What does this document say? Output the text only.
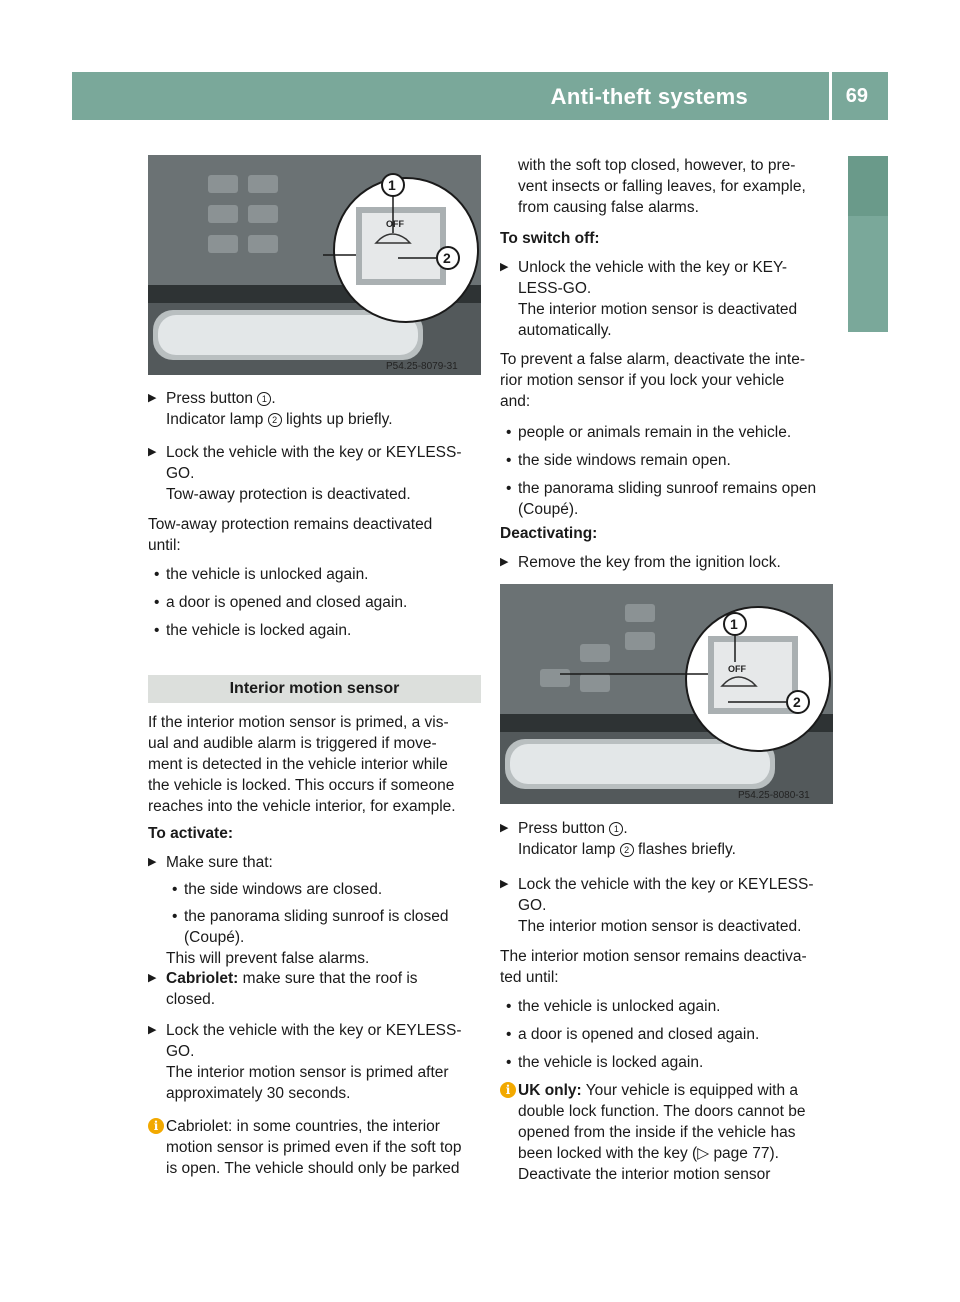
Anti-theft systems	69
Safety
OFF
1
2
P54.25-8079-31
▶ Press button 1 .
Indicator lamp 2 lights up briefly.
▶ Lock the vehicle with the key or KEYLESS-
GO.
Tow-away protection is deactivated.
Tow-away protection remains deactivated
until:
• the vehicle is unlocked again.
• a door is opened and closed again.
• the vehicle is locked again.
Interior motion sensor
If the interior motion sensor is primed, a vis-
ual and audible alarm is triggered if move-
ment is detected in the vehicle interior while
the vehicle is locked. This occurs if someone
reaches into the vehicle interior, for example.
To activate:
▶ Make sure that:
• the side windows are closed.
• the panorama sliding sunroof is closed
(Coupé).
This will prevent false alarms.
▶ Cabriolet: make sure that the roof is
closed.
▶ Lock the vehicle with the key or KEYLESS-
GO.
The interior motion sensor is primed after
approximately 30 seconds.
i Cabriolet: in some countries, the interior
motion sensor is primed even if the soft top
is open. The vehicle should only be parked
with the soft top closed, however, to pre-
vent insects or falling leaves, for example,
from causing false alarms.
To switch off:
▶ Unlock the vehicle with the key or KEY-
LESS-GO.
The interior motion sensor is deactivated
automatically.
To prevent a false alarm, deactivate the inte-
rior motion sensor if you lock your vehicle
and:
• people or animals remain in the vehicle.
• the side windows remain open.
• the panorama sliding sunroof remains open
(Coupé).
Deactivating:
▶ Remove the key from the ignition lock.
OFF
1
2
P54.25-8080-31
▶ Press button 1 .
Indicator lamp 2 flashes briefly.
▶ Lock the vehicle with the key or KEYLESS-
GO.
The interior motion sensor is deactivated.
The interior motion sensor remains deactiva-
ted until:
• the vehicle is unlocked again.
• a door is opened and closed again.
• the vehicle is locked again.
i UK only: Your vehicle is equipped with a
double lock function. The doors cannot be
opened from the inside if the vehicle has
been locked with the key (▷ page 77).
Deactivate the interior motion sensor
